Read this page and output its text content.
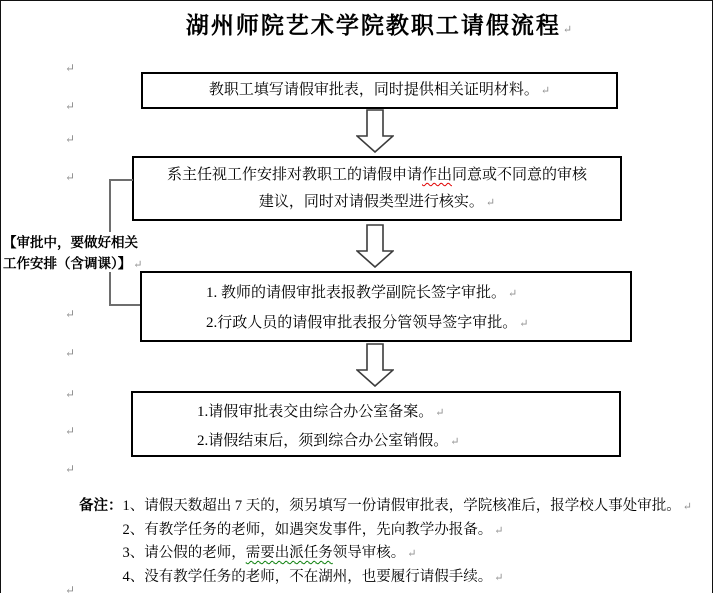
湖州师院艺术学院教职工请假流程 ↵
↵
↵
↵
↵
↵
↵
↵
↵
↵
↵
教职工填写请假审批表，同时提供相关证明材料。 ↵
系主任视工作安排对教职工的请假申请作出同意或不同意的审核
建议，同时对请假类型进行核实。 ↵
【审批中，要做好相关
工作安排（含调课）】 ↵
1. 教师的请假审批表报教学副院长签字审批。 ↵
2.行政人员的请假审批表报分管领导签字审批。 ↵
1.请假审批表交由综合办公室备案。 ↵
2.请假结束后，须到综合办公室销假。 ↵
备注： 1、请假天数超出 7 天的，须另填写一份请假审批表，学院核准后，报学校人事处审批。 ↵
2、有教学任务的老师，如遇突发事件，先向教学办报备。 ↵
3、请公假的老师，需要出派任务领导审核。 ↵
4、没有教学任务的老师，不在湖州，也要履行请假手续。 ↵
